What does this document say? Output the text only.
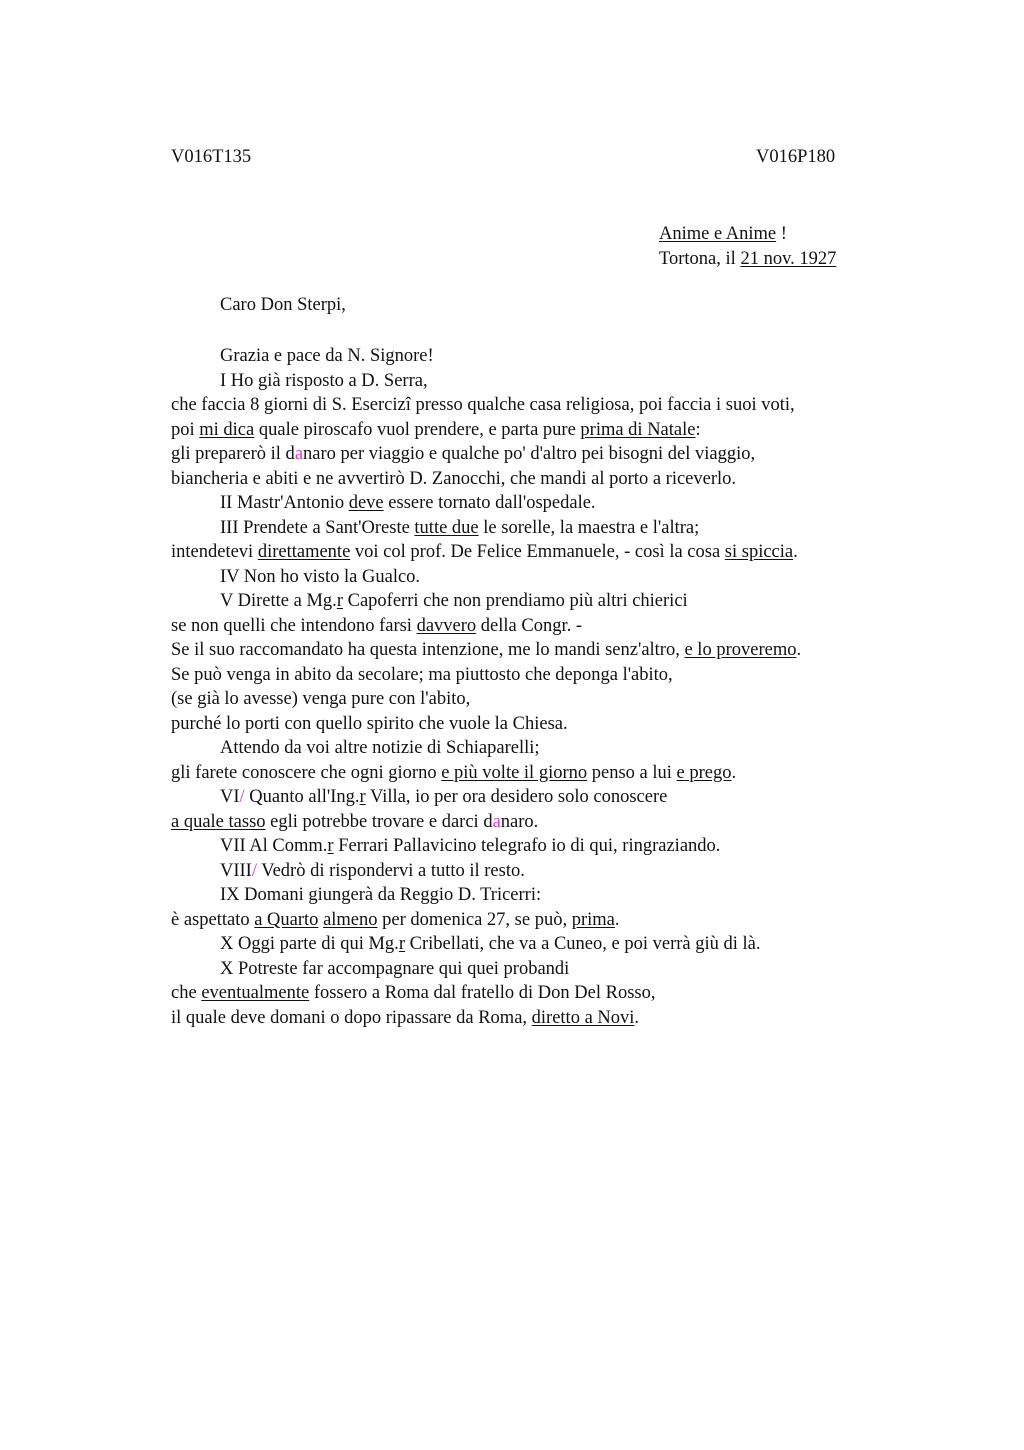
V016T135	V016P180
Anime e Anime !
Tortona, il 21 nov. 1927
Caro Don Sterpi,
Grazia e pace da N. Signore!
I Ho già risposto a D. Serra,
che faccia 8 giorni di S. Esercizi presso qualche casa religiosa, poi faccia i suoi voti,
poi mi dica quale piroscafo vuol prendere, e parta pure prima di Natale:
gli preparerò il danaro per viaggio e qualche po' d'altro pei bisogni del viaggio,
biancheria e abiti e ne avvertirò D. Zanocchi, che mandi al porto a riceverlo.
II Mastr'Antonio deve essere tornato dall'ospedale.
III Prendete a Sant'Oreste tutte due le sorelle, la maestra e l'altra;
intendetevi direttamente voi col prof. De Felice Emmanuele, - così la cosa si spiccia.
IV Non ho visto la Gualco.
V Dirette a Mg.r Capoferri che non prendiamo più altri chierici
se non quelli che intendono farsi davvero della Congr. -
Se il suo raccomandato ha questa intenzione, me lo mandi senz'altro, e lo proveremo.
Se può venga in abito da secolare; ma piuttosto che deponga l'abito,
(se già lo avesse) venga pure con l'abito,
purché lo porti con quello spirito che vuole la Chiesa.
Attendo da voi altre notizie di Schiaparelli;
gli farete conoscere che ogni giorno e più volte il giorno penso a lui e prego.
VI/ Quanto all'Ing.r Villa, io per ora desidero solo conoscere
a quale tasso egli potrebbe trovare e darci danaro.
VII Al Comm.r Ferrari Pallavicino telegrafo io di qui, ringraziando.
VIII/ Vedrò di rispondervi a tutto il resto.
IX Domani giungerà da Reggio D. Tricerri:
è aspettato a Quarto almeno per domenica 27, se può, prima.
X Oggi parte di qui Mg.r Cribellati, che va a Cuneo, e poi verrà giù di là.
X Potreste far accompagnare qui quei probandi
che eventualmente fossero a Roma dal fratello di Don Del Rosso,
il quale deve domani o dopo ripassare da Roma, diretto a Novi.
